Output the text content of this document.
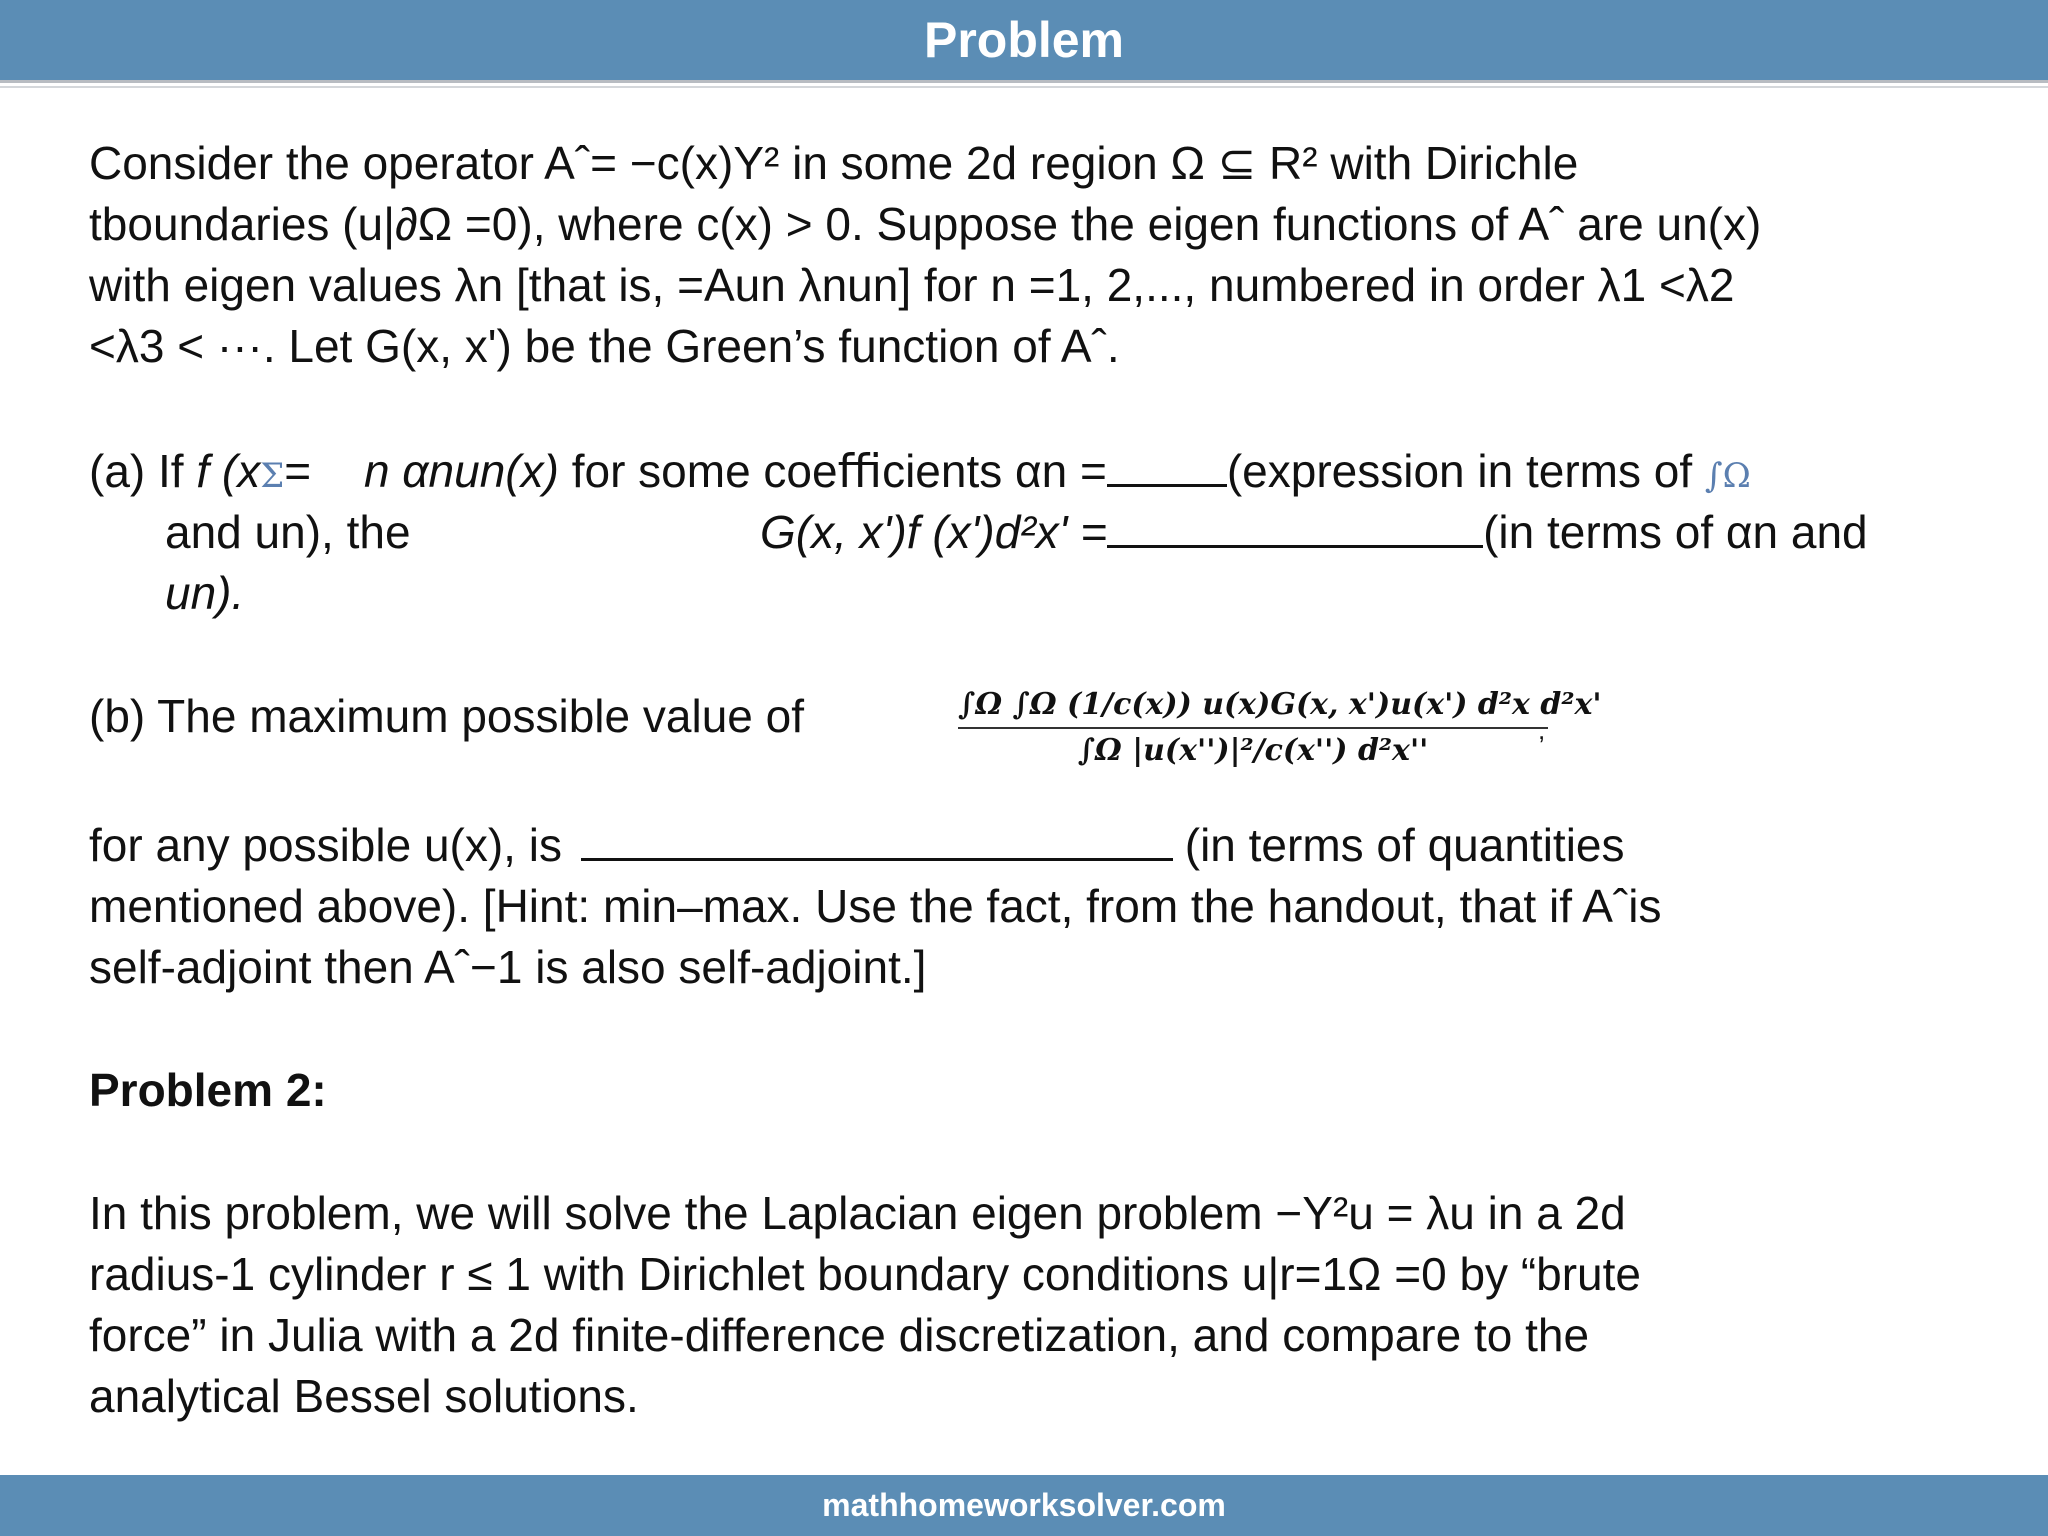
Problem
Consider the operator Aˆ= −c(x)Y² in some 2d region Ω ⊆ R² with Dirichle
tboundaries (u|∂Ω =0), where c(x) > 0. Suppose the eigen functions of Aˆ are un(x)
with eigen values λn [that is, =Aun λnun] for n =1, 2,..., numbered in order λ1 <λ2
<λ3 < ···. Let G(x, x') be the Green’s function of Aˆ.
(a) If f (xΣ= n αnun(x) for some coeﬃcients αn =	(expression in terms of ∫Ω
and un), the	G(x, x')f (x')d²x' =	(in terms of αn and
un).
(b) The maximum possible value of	$\frac{\text{∫Ω ∫Ω (1/c(x)) u(x)G(x, x')u(x') d²x d²x'}}{\text{∫Ω |u(x'')|²/c(x'') d²x''}}$
,
for any possible u(x), is	(in terms of quantities
mentioned above). [Hint: min–max. Use the fact, from the handout, that if Aˆis
self-adjoint then Aˆ−1 is also self-adjoint.]
Problem 2:
In this problem, we will solve the Laplacian eigen problem −Y²u = λu in a 2d
radius-1 cylinder r ≤ 1 with Dirichlet boundary conditions u|r=1Ω =0 by “brute
force” in Julia with a 2d finite-difference discretization, and compare to the
analytical Bessel solutions.
mathhomeworksolver.com
